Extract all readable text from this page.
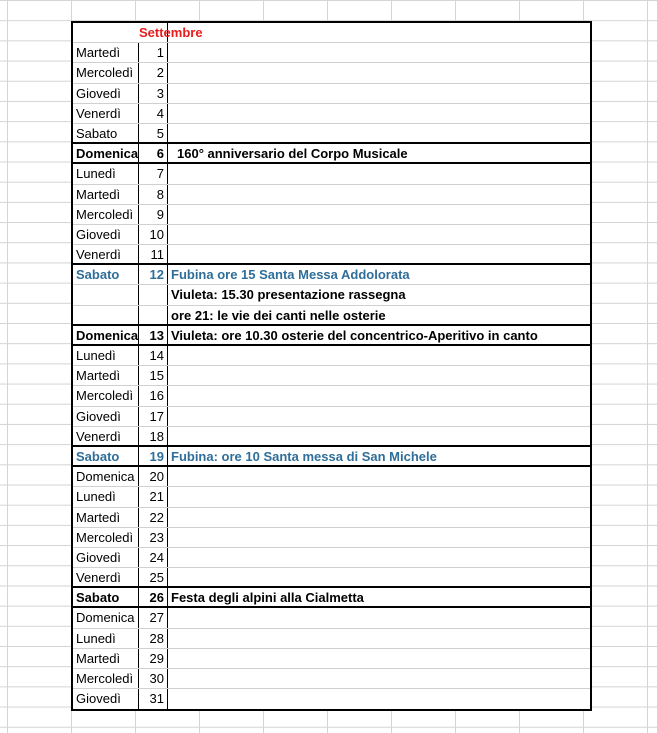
Settembre
Martedì	1
Mercoledì	2
Giovedì	3
Venerdì	4
Sabato	5
Domenica	6	160° anniversario del Corpo Musicale
Lunedì	7
Martedì	8
Mercoledì	9
Giovedì	10
Venerdì	11
Sabato	12 Fubina ore 15 Santa Messa Addolorata
Viuleta: 15.30 presentazione rassegna
ore 21: le vie dei canti nelle osterie
Domenica 13 Viuleta: ore 10.30 osterie del concentrico-Aperitivo in canto
Lunedì	14
Martedì	15
Mercoledì	16
Giovedì	17
Venerdì	18
Sabato	19 Fubina: ore 10 Santa messa di San Michele
Domenica	20
Lunedì	21
Martedì	22
Mercoledì	23
Giovedì	24
Venerdì	25
Sabato	26 Festa degli alpini alla Cialmetta
Domenica	27
Lunedì	28
Martedì	29
Mercoledì	30
Giovedì	31
